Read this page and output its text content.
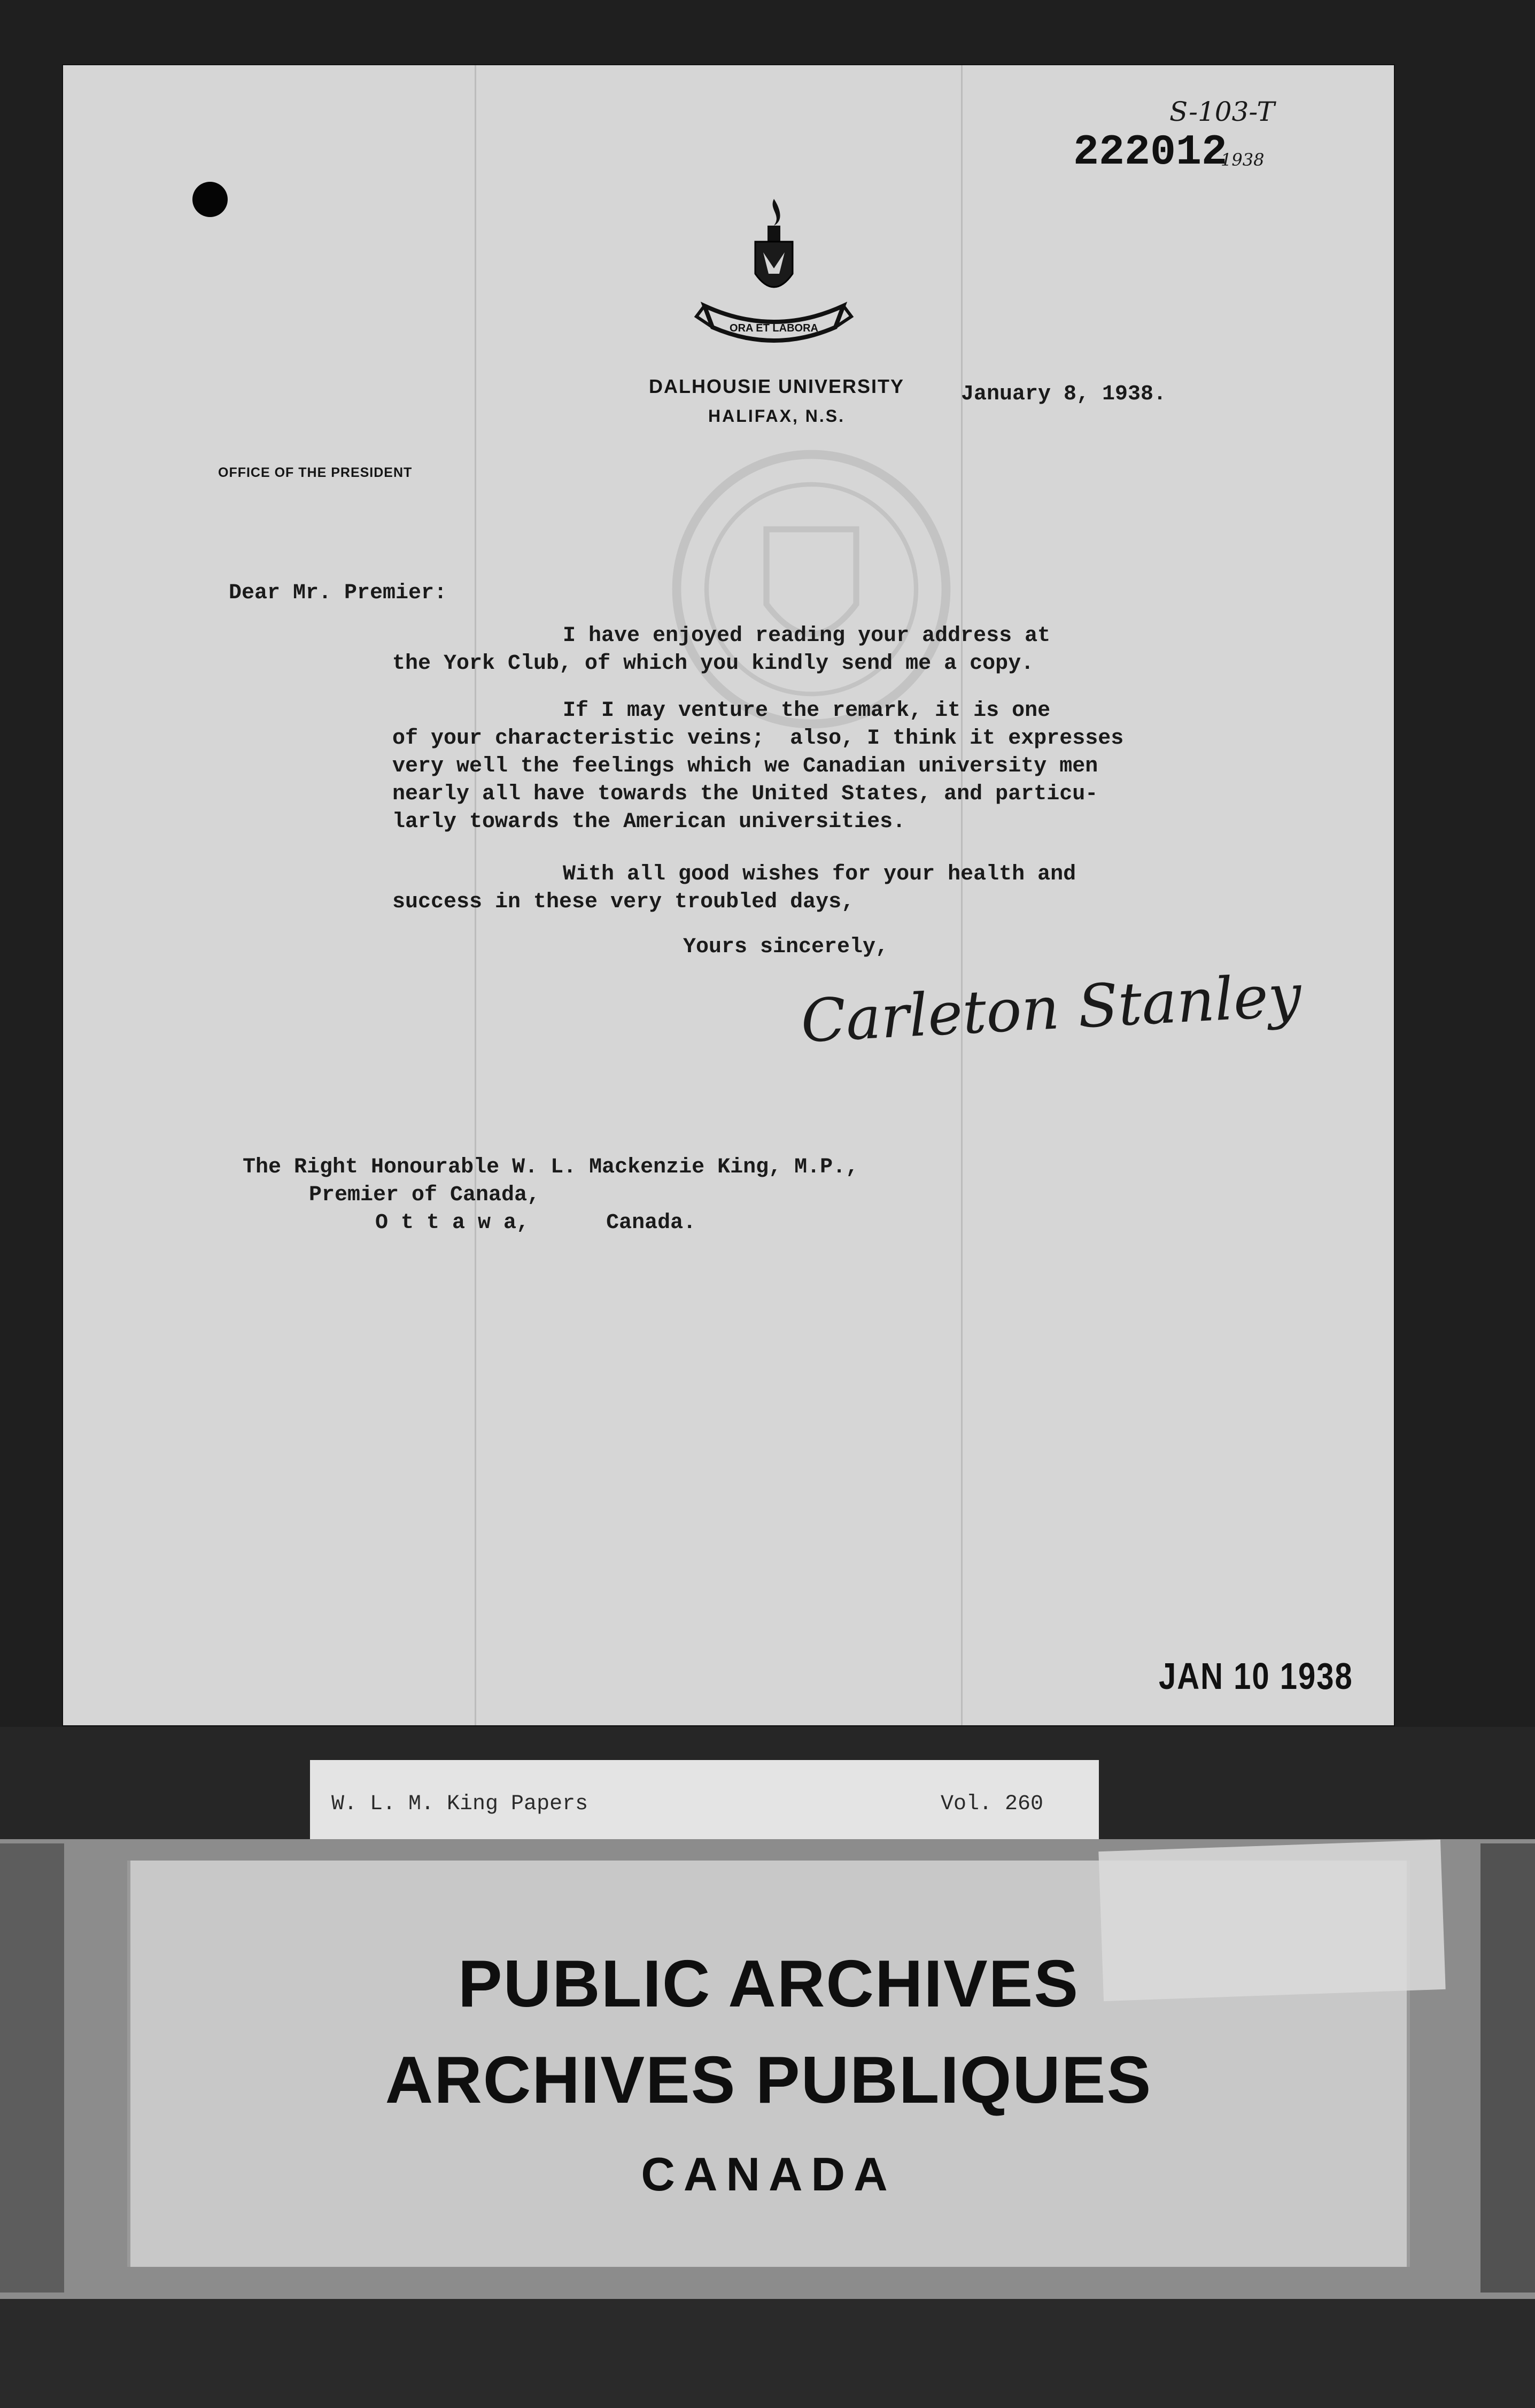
ORA ET LABORA
DALHOUSIE UNIVERSITY
HALIFAX, N.S.
OFFICE OF THE PRESIDENT
222012
S-103-T
1938
January 8, 1938.
Dear Mr. Premier:
I have enjoyed reading your address at
the York Club, of which you kindly send me a copy.
If I may venture the remark, it is one
of your characteristic veins;  also, I think it expresses
very well the feelings which we Canadian university men
nearly all have towards the United States, and particu-
larly towards the American universities.
With all good wishes for your health and
success in these very troubled days,
Yours sincerely,
Carleton Stanley
The Right Honourable W. L. Mackenzie King, M.P.,
Premier of Canada,
O t t a w a,      Canada.
JAN 10 1938
W. L. M. King Papers	Vol. 260
PUBLIC ARCHIVES
ARCHIVES PUBLIQUES
CANADA
